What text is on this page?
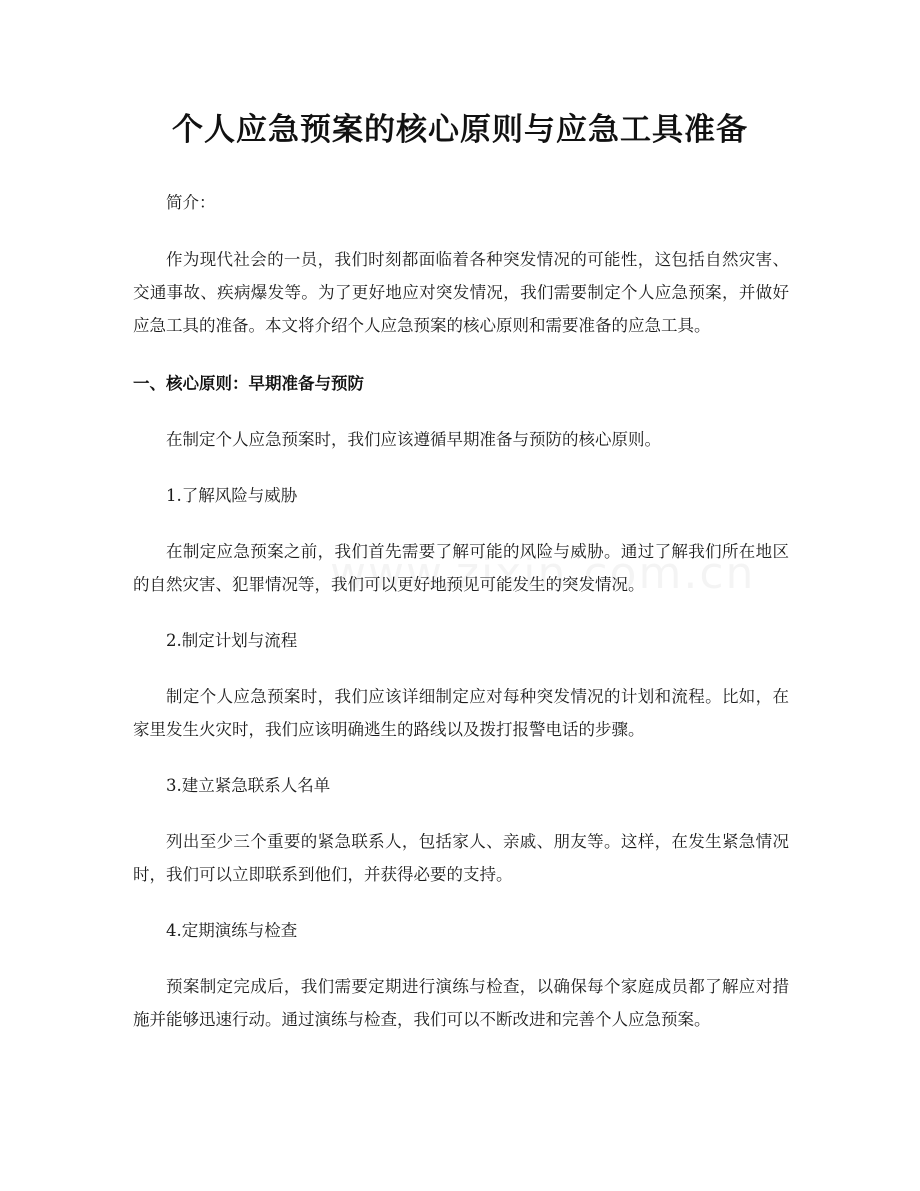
个人应急预案的核心原则与应急工具准备

简介：

作为现代社会的一员，我们时刻都面临着各种突发情况的可能性，这包括自然灾害、交通事故、疾病爆发等。为了更好地应对突发情况，我们需要制定个人应急预案，并做好应急工具的准备。本文将介绍个人应急预案的核心原则和需要准备的应急工具。

一、核心原则：早期准备与预防

在制定个人应急预案时，我们应该遵循早期准备与预防的核心原则。

1.了解风险与威胁

在制定应急预案之前，我们首先需要了解可能的风险与威胁。通过了解我们所在地区的自然灾害、犯罪情况等，我们可以更好地预见可能发生的突发情况。

2.制定计划与流程

制定个人应急预案时，我们应该详细制定应对每种突发情况的计划和流程。比如，在家里发生火灾时，我们应该明确逃生的路线以及拨打报警电话的步骤。

3.建立紧急联系人名单

列出至少三个重要的紧急联系人，包括家人、亲戚、朋友等。这样，在发生紧急情况时，我们可以立即联系到他们，并获得必要的支持。

4.定期演练与检查

预案制定完成后，我们需要定期进行演练与检查，以确保每个家庭成员都了解应对措施并能够迅速行动。通过演练与检查，我们可以不断改进和完善个人应急预案。
